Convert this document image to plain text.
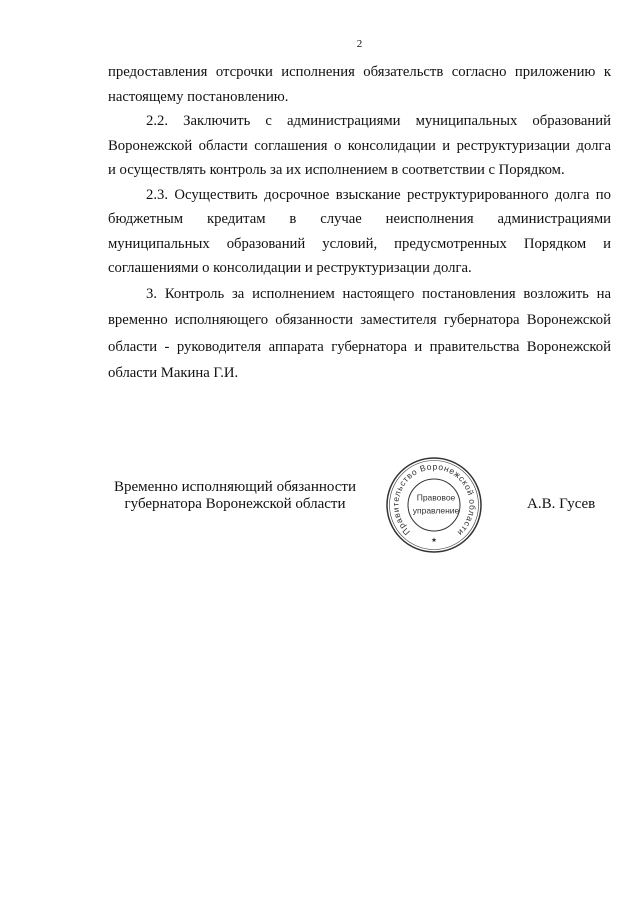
2
предоставления отсрочки исполнения обязательств согласно приложению к
настоящему постановлению.
2.2. Заключить с администрациями муниципальных образований
Воронежской области соглашения о консолидации и реструктуризации долга
и осуществлять контроль за их исполнением в соответствии с Порядком.
2.3. Осуществить досрочное взыскание реструктурированного долга по
бюджетным кредитам в случае неисполнения администрациями
муниципальных образований условий, предусмотренных Порядком и
соглашениями о консолидации и реструктуризации долга.
3. Контроль за исполнением настоящего постановления возложить на
временно исполняющего обязанности заместителя губернатора Воронежской
области - руководителя аппарата губернатора и правительства Воронежской
области Макина Г.И.
Временно исполняющий обязанности
губернатора Воронежской области
Правительство Воронежской области
Правовое
управление	А.В. Гусев
